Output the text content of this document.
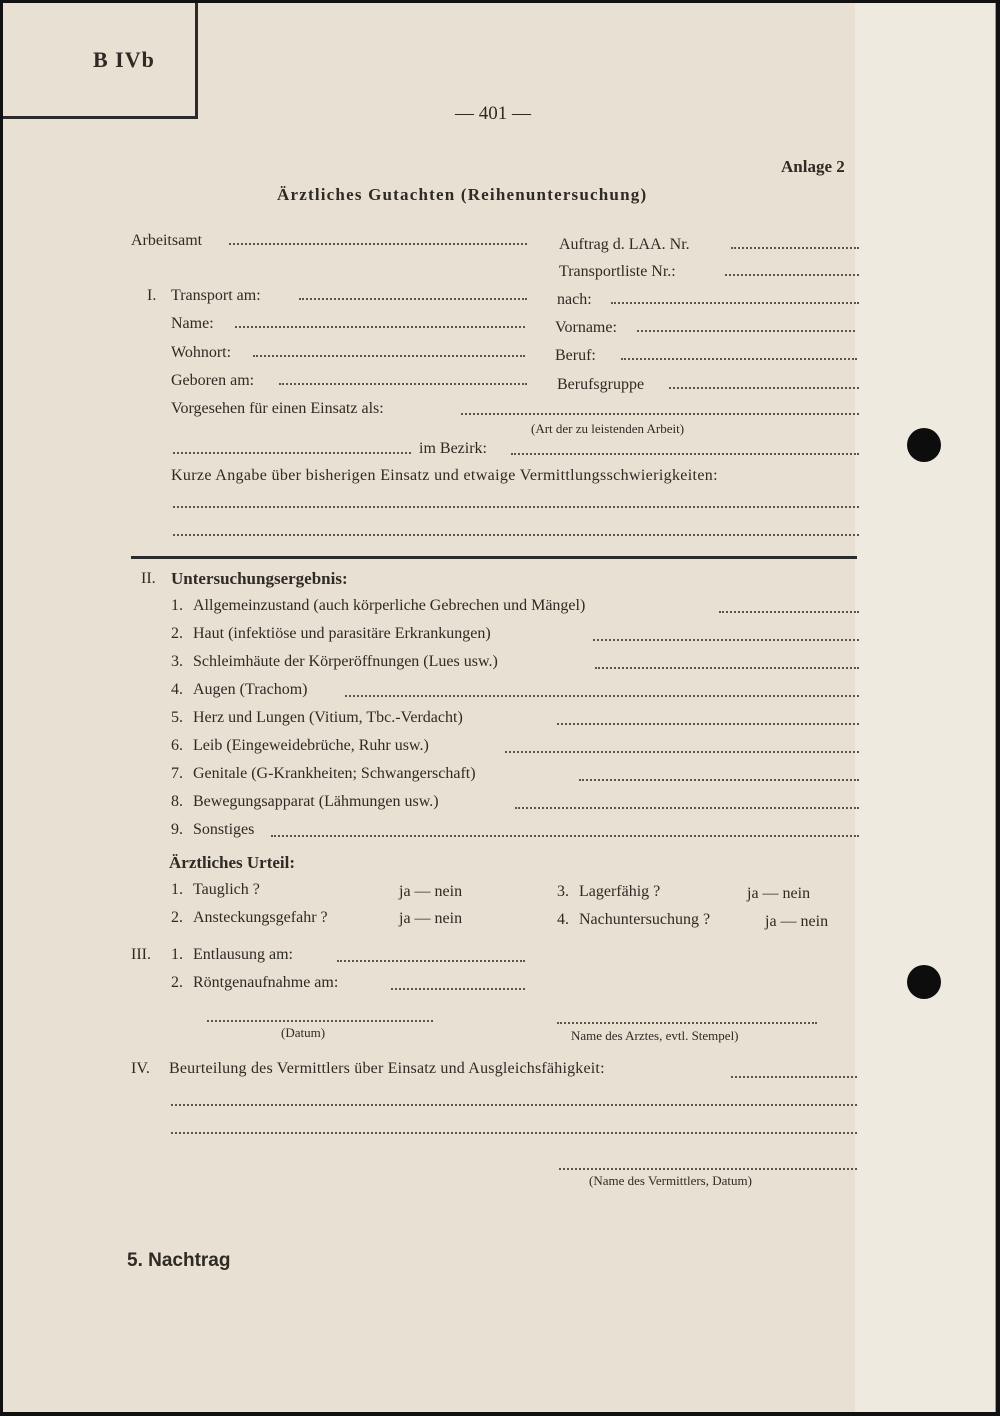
B IVb
— 401 —
Anlage 2
Ärztliches Gutachten (Reihenuntersuchung)
Arbeitsamt	Auftrag d. LAA. Nr.
Transportliste Nr.:
I. Transport am:	nach:
Name:	Vorname:
Wohnort:	Beruf:
Geboren am:	Berufsgruppe
Vorgesehen für einen Einsatz als:
(Art der zu leistenden Arbeit)
im Bezirk:
Kurze Angabe über bisherigen Einsatz und etwaige Vermittlungsschwierigkeiten:
II. Untersuchungsergebnis:
1. Allgemeinzustand (auch körperliche Gebrechen und Mängel)
2. Haut (infektiöse und parasitäre Erkrankungen)
3. Schleimhäute der Körperöffnungen (Lues usw.)
4. Augen (Trachom)
5. Herz und Lungen (Vitium, Tbc.-Verdacht)
6. Leib (Eingeweidebrüche, Ruhr usw.)
7. Genitale (G-Krankheiten; Schwangerschaft)
8. Bewegungsapparat (Lähmungen usw.)
9. Sonstiges
Ärztliches Urteil:
1. Tauglich ?	ja — nein	3. Lagerfähig ?	ja — nein
2. Ansteckungsgefahr ?	ja — nein	4. Nachuntersuchung ?	ja — nein
III. 1. Entlausung am:
2. Röntgenaufnahme am:
(Datum)	Name des Arztes, evtl. Stempel)
IV. Beurteilung des Vermittlers über Einsatz und Ausgleichsfähigkeit:
(Name des Vermittlers, Datum)
5. Nachtrag
